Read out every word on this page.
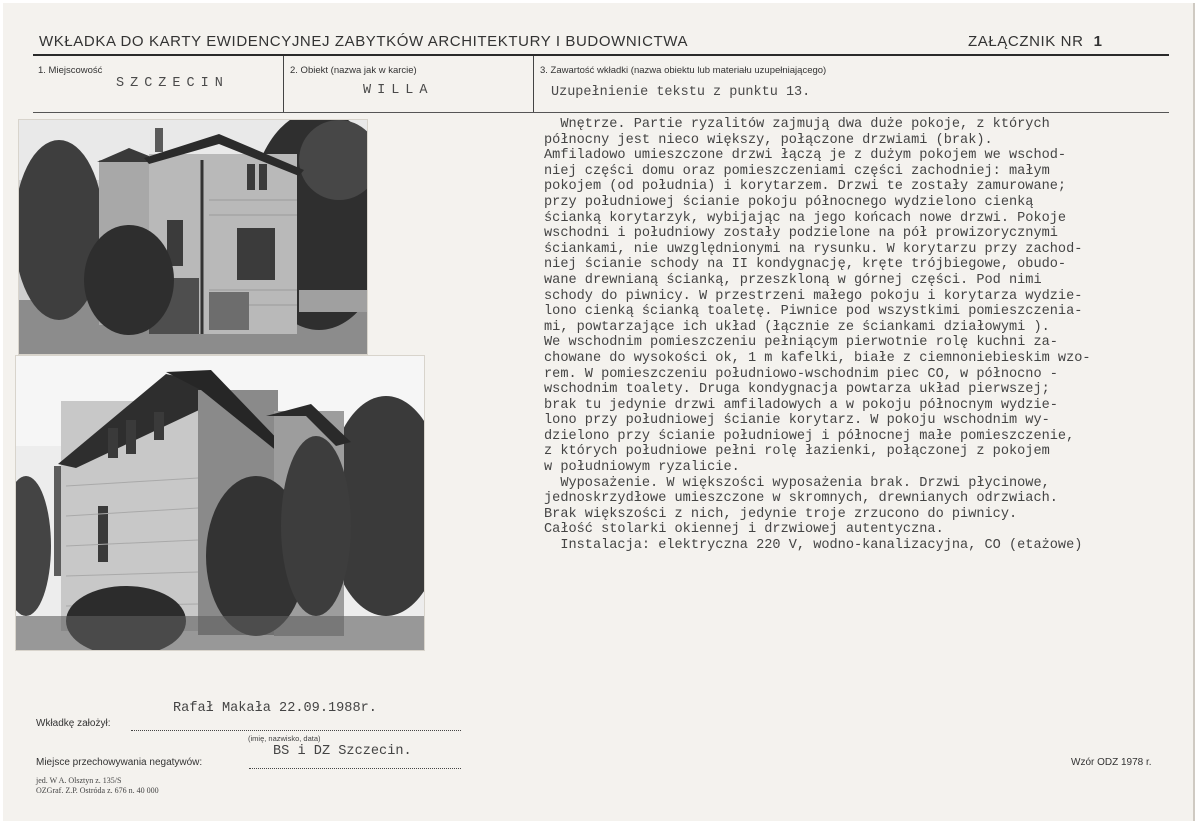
WKŁADKA DO KARTY EWIDENCYJNEJ ZABYTKÓW ARCHITEKTURY I BUDOWNICTWA	ZAŁĄCZNIK NR 1
1. Miejscowość
SZCZECIN
2. Obiekt (nazwa jak w karcie)
WILLA
3. Zawartość wkładki (nazwa obiektu lub materiału uzupełniającego)
Uzupełnienie tekstu z punktu 13.
Wnętrze. Partie ryzalitów zajmują dwa duże pokoje, z których
północny jest nieco większy, połączone drzwiami (brak).
Amfiladowo umieszczone drzwi łączą je z dużym pokojem we wschod-
niej części domu oraz pomieszczeniami części zachodniej: małym
pokojem (od południa) i korytarzem. Drzwi te zostały zamurowane;
przy południowej ścianie pokoju północnego wydzielono cienką
ścianką korytarzyk, wybijając na jego końcach nowe drzwi. Pokoje
wschodni i południowy zostały podzielone na pół prowizorycznymi
ściankami, nie uwzględnionymi na rysunku. W korytarzu przy zachod-
niej ścianie schody na II kondygnację, kręte trójbiegowe, obudo-
wane drewnianą ścianką, przeszkloną w górnej części. Pod nimi
schody do piwnicy. W przestrzeni małego pokoju i korytarza wydzie-
lono cienką ścianką toaletę. Piwnice pod wszystkimi pomieszczenia-
mi, powtarzające ich układ (łącznie ze ściankami działowymi ).
We wschodnim pomieszczeniu pełniącym pierwotnie rolę kuchni za-
chowane do wysokości ok, 1 m kafelki, białe z ciemnoniebieskim wzo-
rem. W pomieszczeniu południowo-wschodnim piec CO, w północno -
wschodnim toalety. Druga kondygnacja powtarza układ pierwszej;
brak tu jedynie drzwi amfiladowych a w pokoju północnym wydzie-
lono przy południowej ścianie korytarz. W pokoju wschodnim wy-
dzielono przy ścianie południowej i północnej małe pomieszczenie,
z których południowe pełni rolę łazienki, połączonej z pokojem
w południowym ryzalicie.
Wyposażenie. W większości wyposażenia brak. Drzwi płycinowe,
jednoskrzydłowe umieszczone w skromnych, drewnianych odrzwiach.
Brak większości z nich, jedynie troje zrzucono do piwnicy.
Całość stolarki okiennej i drzwiowej autentyczna.
Instalacja: elektryczna 220 V, wodno-kanalizacyjna, CO (etażowe)
Rafał Makała 22.09.1988r.
Wkładkę założył:
(imię, nazwisko, data)
BS i DZ Szczecin.
Miejsce przechowywania negatywów:
jed. W A. Olsztyn z. 135/S
OZGraf. Z.P. Ostróda z. 676 n. 40 000
Wzór ODZ 1978 r.
